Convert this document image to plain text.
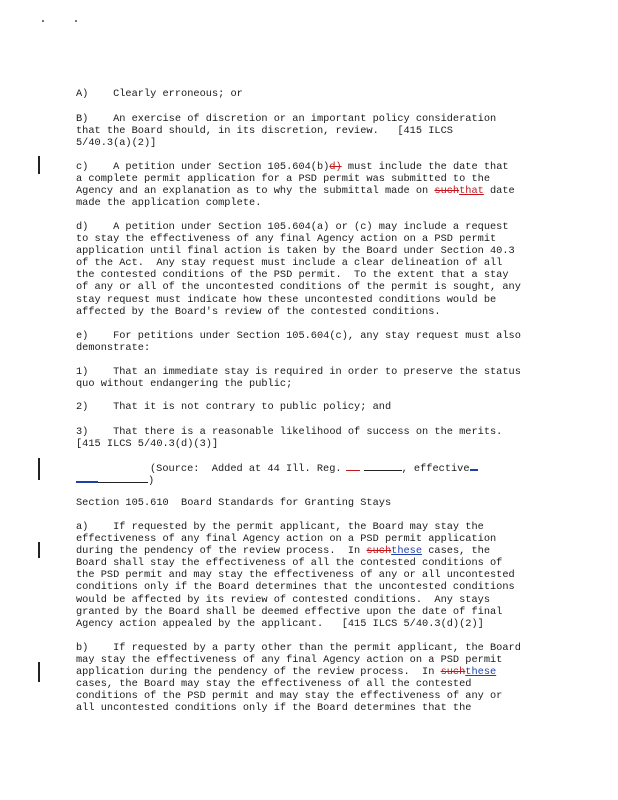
A)    Clearly erroneous; or
B)    An exercise of discretion or an important policy consideration
that the Board should, in its discretion, review.   [415 ILCS
5/40.3(a)(2)]
c)    A petition under Section 105.604(b)d) must include the date that
a complete permit application for a PSD permit was submitted to the
Agency and an explanation as to why the submittal made on suchthat date
made the application complete.
d)    A petition under Section 105.604(a) or (c) may include a request
to stay the effectiveness of any final Agency action on a PSD permit
application until final action is taken by the Board under Section 40.3
of the Act.  Any stay request must include a clear delineation of all
the contested conditions of the PSD permit.  To the extent that a stay
of any or all of the uncontested conditions of the permit is sought, any
stay request must indicate how these uncontested conditions would be
affected by the Board's review of the contested conditions.
e)    For petitions under Section 105.604(c), any stay request must also
demonstrate:
1)    That an immediate stay is required in order to preserve the status
quo without endangering the public;
2)    That it is not contrary to public policy; and
3)    That there is a reasonable likelihood of success on the merits.
[415 ILCS 5/40.3(d)(3)]
(Source:  Added at 44 Ill. Reg.	, effective
)
Section 105.610  Board Standards for Granting Stays
a)    If requested by the permit applicant, the Board may stay the
effectiveness of any final Agency action on a PSD permit application
during the pendency of the review process.  In suchthese cases, the
Board shall stay the effectiveness of all the contested conditions of
the PSD permit and may stay the effectiveness of any or all uncontested
conditions only if the Board determines that the uncontested conditions
would be affected by its review of contested conditions.  Any stays
granted by the Board shall be deemed effective upon the date of final
Agency action appealed by the applicant.   [415 ILCS 5/40.3(d)(2)]
b)    If requested by a party other than the permit applicant, the Board
may stay the effectiveness of any final Agency action on a PSD permit
application during the pendency of the review process.  In suchthese
cases, the Board may stay the effectiveness of all the contested
conditions of the PSD permit and may stay the effectiveness of any or
all uncontested conditions only if the Board determines that the
